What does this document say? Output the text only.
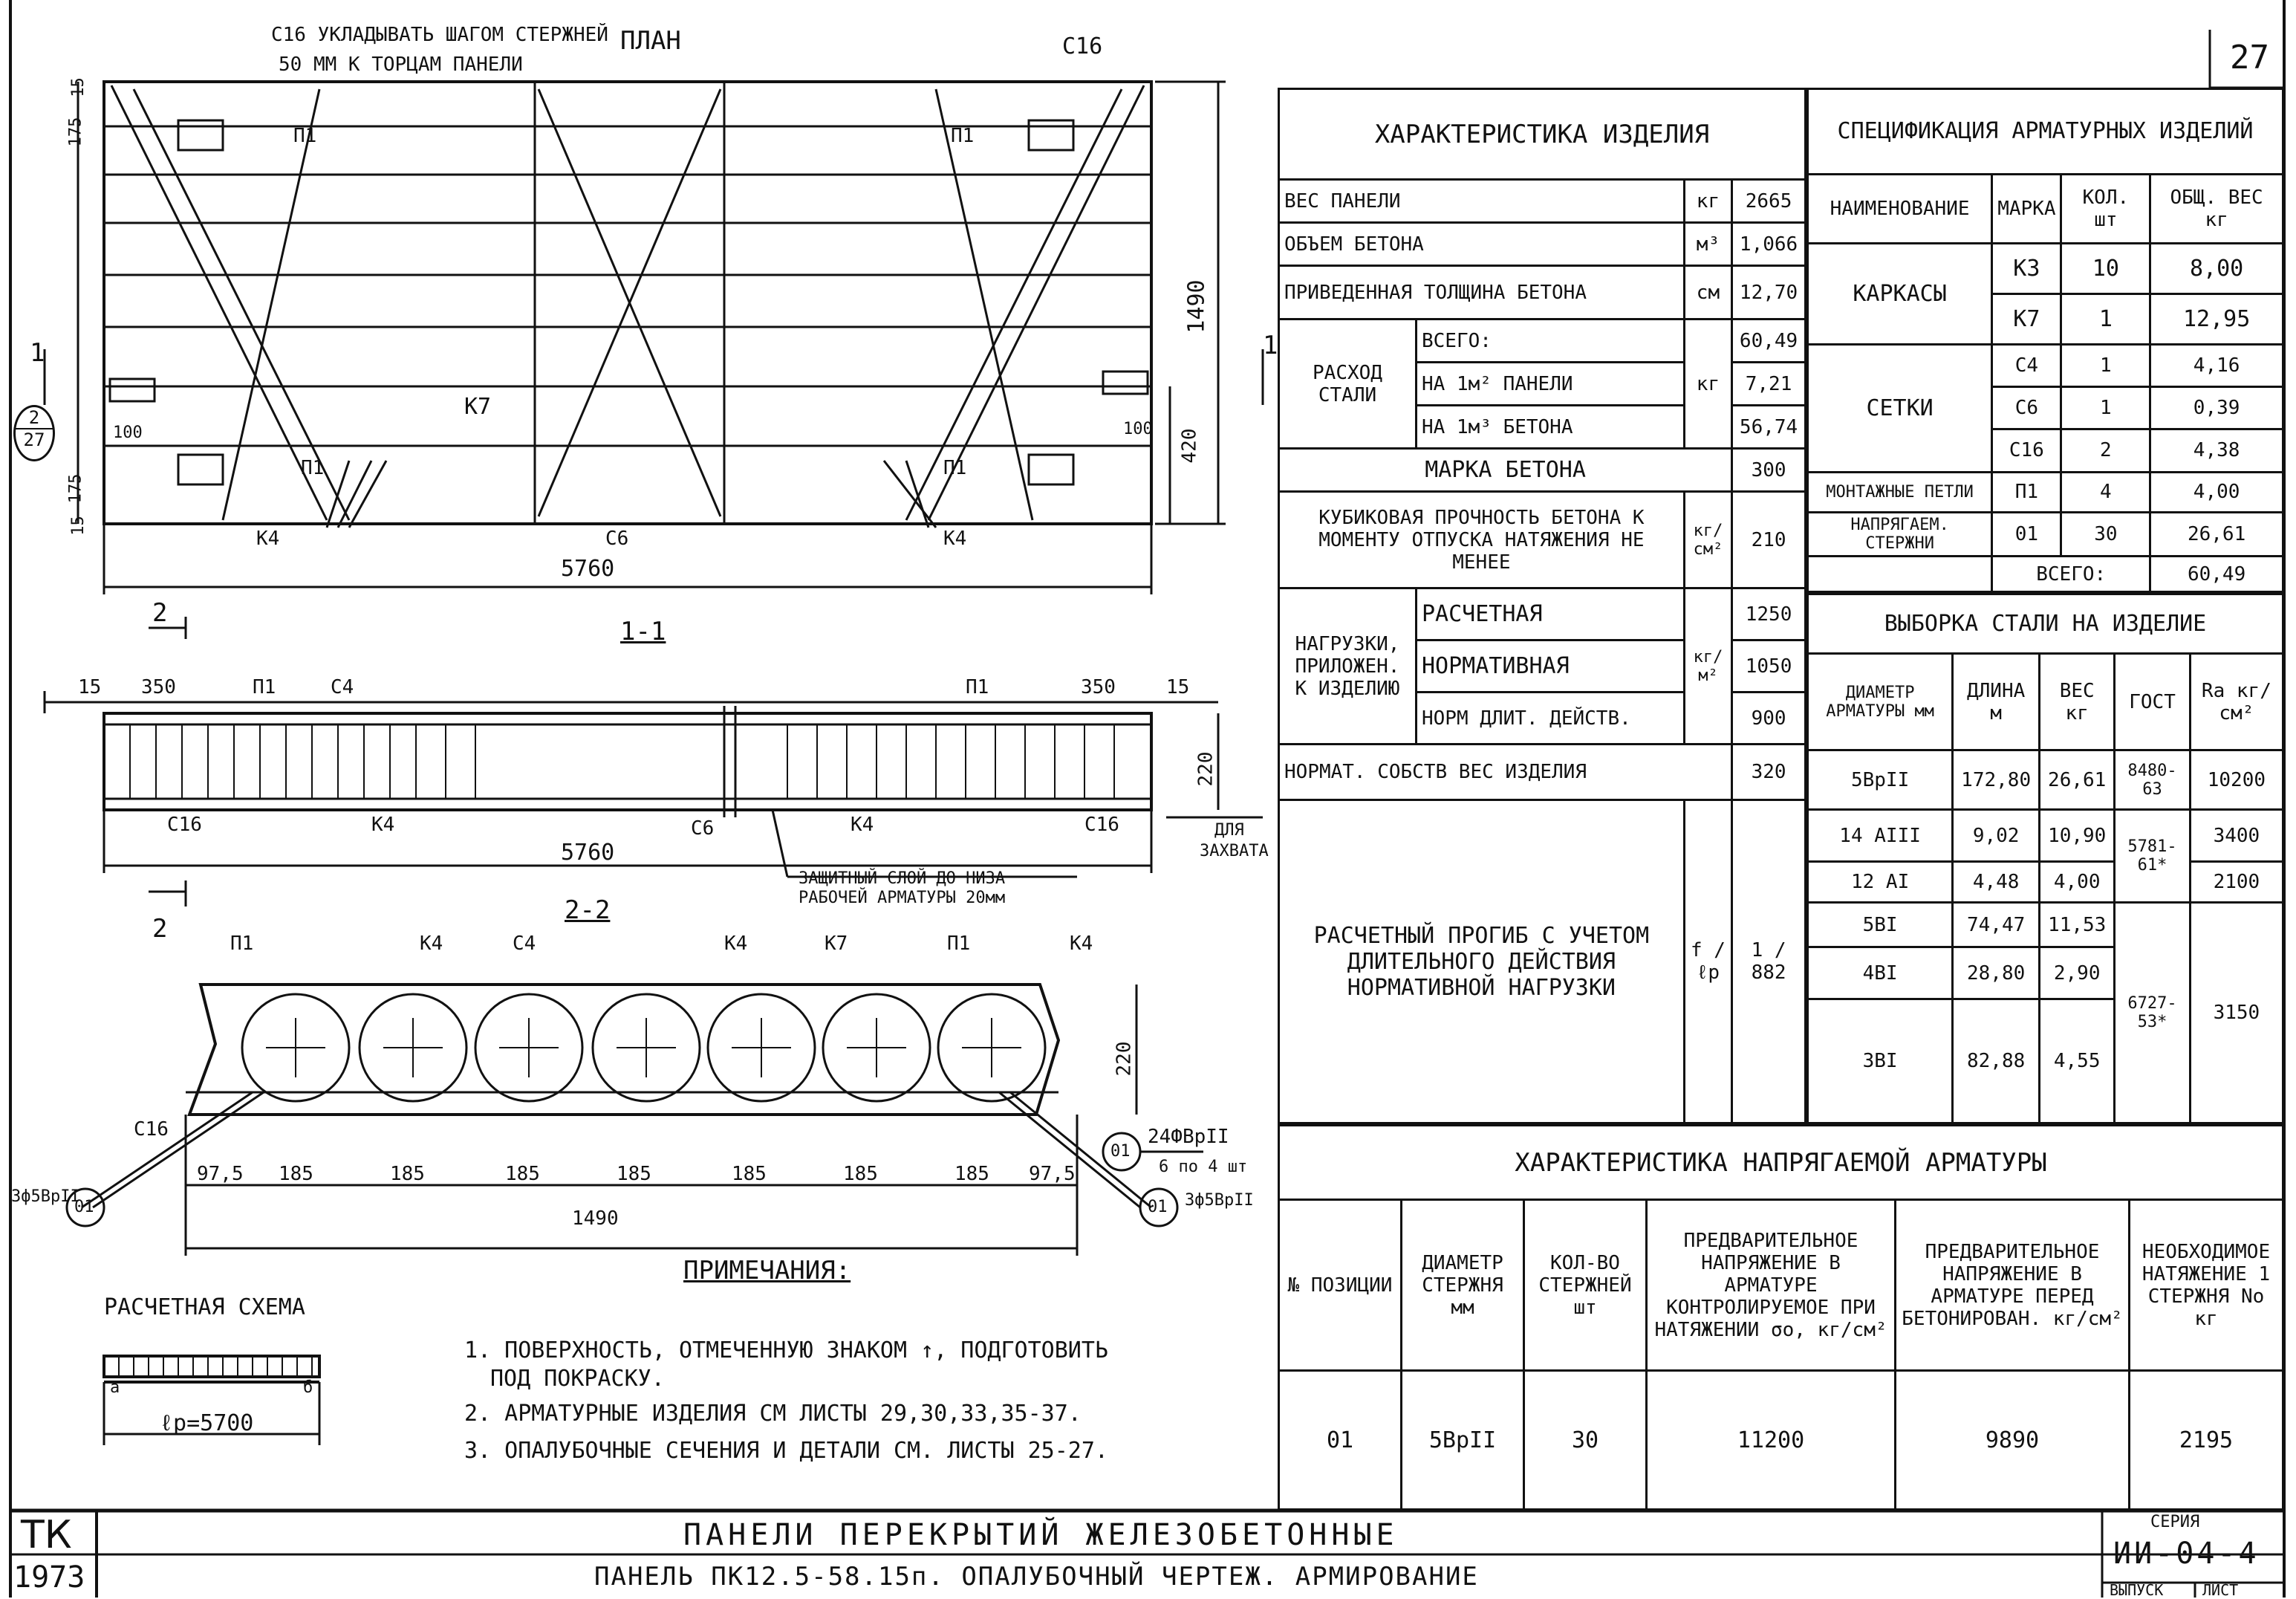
С16 УКЛАДЫВАТЬ ШАГОМ СТЕРЖНЕЙ
50 ММ К ТОРЦАМ ПАНЕЛИ
ПЛАН	С16
П1	П1
П1	П1
К7
К4	К4
С6
5760
1490
420
100	100
175
15
175
15
2
1	1
2
27
1-1
15 350	П1	С4	П1	350	15
220
С16	К4	С6	К4	С16
5760
ДЛЯ
ЗАХВАТА
ЗАЩИТНЫЙ СЛОЙ ДО НИЗА
РАБОЧЕЙ АРМАТУРЫ 20мм
2
2-2
П1	К4	С4	К4	К7	П1	К4
220
С16
3ф5ВрII
01
01
01
24ФВрII
6 по 4 шт
3ф5ВрII
97,5 185	185	185	185	185	185	185 97,5
1490
РАСЧЕТНАЯ СХЕМА
а	б
ℓр=5700
ПРИМЕЧАНИЯ:
1. ПОВЕРХНОСТЬ, ОТМЕЧЕННУЮ ЗНАКОМ ↑, ПОДГОТОВИТЬ
ПОД ПОКРАСКУ.
2. АРМАТУРНЫЕ ИЗДЕЛИЯ СМ ЛИСТЫ 29,30,33,35-37.
3. ОПАЛУБОЧНЫЕ СЕЧЕНИЯ И ДЕТАЛИ СМ. ЛИСТЫ 25-27.
27
ХАРАКТЕРИСТИКА ИЗДЕЛИЯ			
ВЕС ПАНЕЛИ		кг	2665
ОБЪЕМ БЕТОНА		м³	1,066
ПРИВЕДЕННАЯ ТОЛЩИНА БЕТОНА		см	12,70
РАСХОД СТАЛИ	ВСЕГО:	кг	60,49
	НА 1м² ПАНЕЛИ		7,21
	НА 1м³ БЕТОНА		56,74
МАРКА БЕТОНА			300
КУБИКОВАЯ ПРОЧНОСТЬ БЕТОНА К МОМЕНТУ ОТПУСКА НАТЯЖЕНИЯ НЕ МЕНЕЕ		кг/см²	210
НАГРУЗКИ, ПРИЛОЖЕН. К ИЗДЕЛИЮ	РАСЧЕТНАЯ	кг/м²	1250
	НОРМАТИВНАЯ		1050
	НОРМ ДЛИТ. ДЕЙСТВ.		900
НОРМАТ. СОБСТВ ВЕС ИЗДЕЛИЯ			320
РАСЧЕТНЫЙ ПРОГИБ С УЧЕТОМ ДЛИТЕЛЬНОГО ДЕЙСТВИЯ НОРМАТИВНОЙ НАГРУЗКИ		f / ℓр	1 / 882
СПЕЦИФИКАЦИЯ АРМАТУРНЫХ ИЗДЕЛИЙ			
НАИМЕНОВАНИЕ	МАРКА	КОЛ. шт	ОБЩ. ВЕС кг
КАРКАСЫ	К3	10	8,00
	К7	1	12,95
СЕТКИ	С4	1	4,16
	С6	1	0,39
	С16	2	4,38
МОНТАЖНЫЕ ПЕТЛИ	П1	4	4,00
НАПРЯГАЕМ. СТЕРЖНИ	01	30	26,61
	ВСЕГО:		60,49
ВЫБОРКА СТАЛИ НА ИЗДЕЛИЕ				
ДИАМЕТР АРМАТУРЫ мм	ДЛИНА м	ВЕС кг	ГОСТ	Ra кг/см²
5ВрII	172,80	26,61	8480-63	10200
14 AIII	9,02	10,90	5781-61*	3400
12 AI	4,48	4,00		2100
5BI	74,47	11,53	6727-53*	3150
4BI	28,80	2,90		
3BI	82,88	4,55		
ХАРАКТЕРИСТИКА НАПРЯГАЕМОЙ АРМАТУРЫ					
№ ПОЗИЦИИ	ДИАМЕТР СТЕРЖНЯ мм	КОЛ-ВО СТЕРЖНЕЙ шт	ПРЕДВАРИТЕЛЬНОЕ НАПРЯЖЕНИЕ В АРМАТУРЕ КОНТРОЛИРУЕМОЕ ПРИ НАТЯЖЕНИИ σо, кг/см²	ПРЕДВАРИТЕЛЬНОЕ НАПРЯЖЕНИЕ В АРМАТУРЕ ПЕРЕД БЕТОНИРОВАН. кг/см²	НЕОБХОДИМОЕ НАТЯЖЕНИЕ 1 СТЕРЖНЯ No кг
01	5ВрII	30	11200	9890	2195
ТК
1973
ПАНЕЛИ ПЕРЕКРЫТИЙ ЖЕЛЕЗОБЕТОННЫЕ
ПАНЕЛЬ ПК12.5-58.15п. ОПАЛУБОЧНЫЙ ЧЕРТЕЖ. АРМИРОВАНИЕ
СЕРИЯ
ИИ-04-4
ВЫПУСК	ЛИСТ
